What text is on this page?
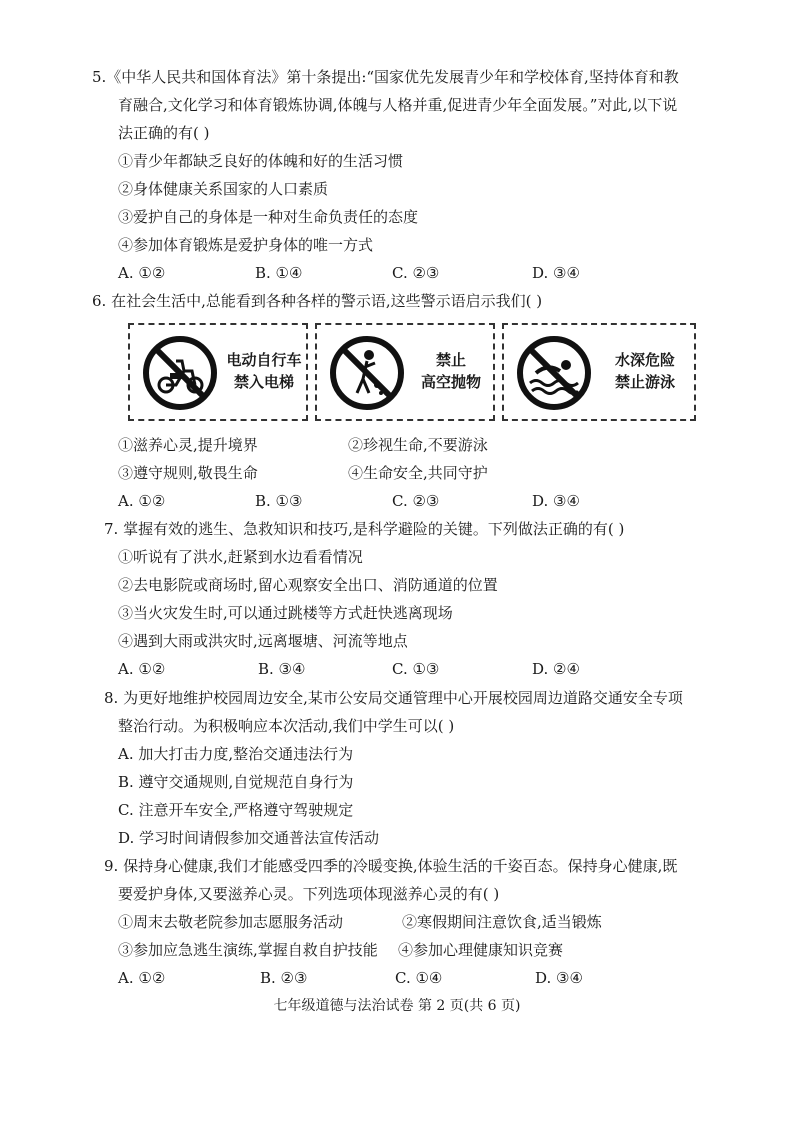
5.《中华人民共和国体育法》第十条提出:“国家优先发展青少年和学校体育,坚持体育和教
育融合,文化学习和体育锻炼协调,体魄与人格并重,促进青少年全面发展。”对此,以下说
法正确的有( )
①青少年都缺乏良好的体魄和好的生活习惯
②身体健康关系国家的人口素质
③爱护自己的身体是一种对生命负责任的态度
④参加体育锻炼是爱护身体的唯一方式
A. ①②	B. ①④	C. ②③	D. ③④
6. 在社会生活中,总能看到各种各样的警示语,这些警示语启示我们( )
电动自行车
禁入电梯
禁止
高空抛物
水深危险
禁止游泳
①滋养心灵,提升境界	②珍视生命,不要游泳
③遵守规则,敬畏生命	④生命安全,共同守护
A. ①②	B. ①③	C. ②③	D. ③④
7. 掌握有效的逃生、急救知识和技巧,是科学避险的关键。下列做法正确的有( )
①听说有了洪水,赶紧到水边看看情况
②去电影院或商场时,留心观察安全出口、消防通道的位置
③当火灾发生时,可以通过跳楼等方式赶快逃离现场
④遇到大雨或洪灾时,远离堰塘、河流等地点
A. ①②	B. ③④	C. ①③	D. ②④
8. 为更好地维护校园周边安全,某市公安局交通管理中心开展校园周边道路交通安全专项
整治行动。为积极响应本次活动,我们中学生可以( )
A. 加大打击力度,整治交通违法行为
B. 遵守交通规则,自觉规范自身行为
C. 注意开车安全,严格遵守驾驶规定
D. 学习时间请假参加交通普法宣传活动
9. 保持身心健康,我们才能感受四季的冷暖变换,体验生活的千姿百态。保持身心健康,既
要爱护身体,又要滋养心灵。下列选项体现滋养心灵的有( )
①周末去敬老院参加志愿服务活动	②寒假期间注意饮食,适当锻炼
③参加应急逃生演练,掌握自救自护技能 ④参加心理健康知识竞赛
A. ①②	B. ②③	C. ①④	D. ③④
七年级道德与法治试卷 第 2 页(共 6 页)
